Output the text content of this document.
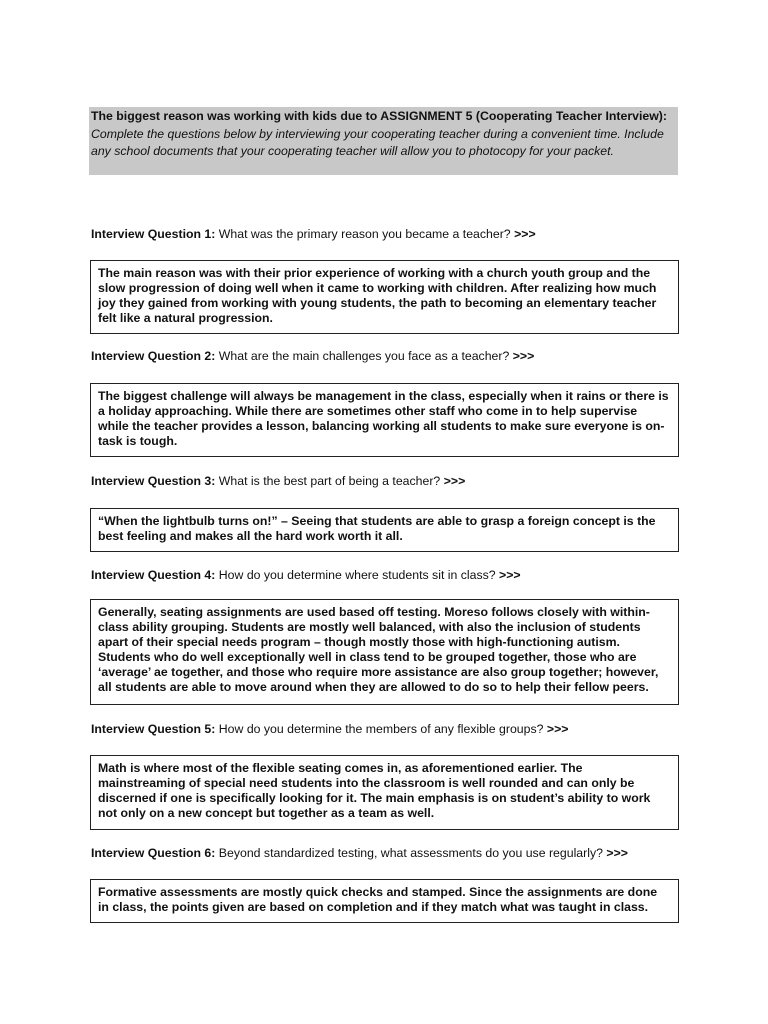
The biggest reason was working with kids due to ASSIGNMENT 5 (Cooperating Teacher Interview): Complete the questions below by interviewing your cooperating teacher during a convenient time. Include any school documents that your cooperating teacher will allow you to photocopy for your packet.
Interview Question 1: What was the primary reason you became a teacher? >>>
The main reason was with their prior experience of working with a church youth group and the slow progression of doing well when it came to working with children. After realizing how much joy they gained from working with young students, the path to becoming an elementary teacher felt like a natural progression.
Interview Question 2: What are the main challenges you face as a teacher? >>>
The biggest challenge will always be management in the class, especially when it rains or there is a holiday approaching. While there are sometimes other staff who come in to help supervise while the teacher provides a lesson, balancing working all students to make sure everyone is on-task is tough.
Interview Question 3: What is the best part of being a teacher? >>>
“When the lightbulb turns on!” – Seeing that students are able to grasp a foreign concept is the best feeling and makes all the hard work worth it all.
Interview Question 4: How do you determine where students sit in class? >>>
Generally, seating assignments are used based off testing. Moreso follows closely with within-class ability grouping. Students are mostly well balanced, with also the inclusion of students apart of their special needs program – though mostly those with high-functioning autism. Students who do well exceptionally well in class tend to be grouped together, those who are ‘average’ ae together, and those who require more assistance are also group together; however, all students are able to move around when they are allowed to do so to help their fellow peers.
Interview Question 5: How do you determine the members of any flexible groups? >>>
Math is where most of the flexible seating comes in, as aforementioned earlier. The mainstreaming of special need students into the classroom is well rounded and can only be discerned if one is specifically looking for it. The main emphasis is on student’s ability to work not only on a new concept but together as a team as well.
Interview Question 6: Beyond standardized testing, what assessments do you use regularly? >>>
Formative assessments are mostly quick checks and stamped. Since the assignments are done in class, the points given are based on completion and if they match what was taught in class.
